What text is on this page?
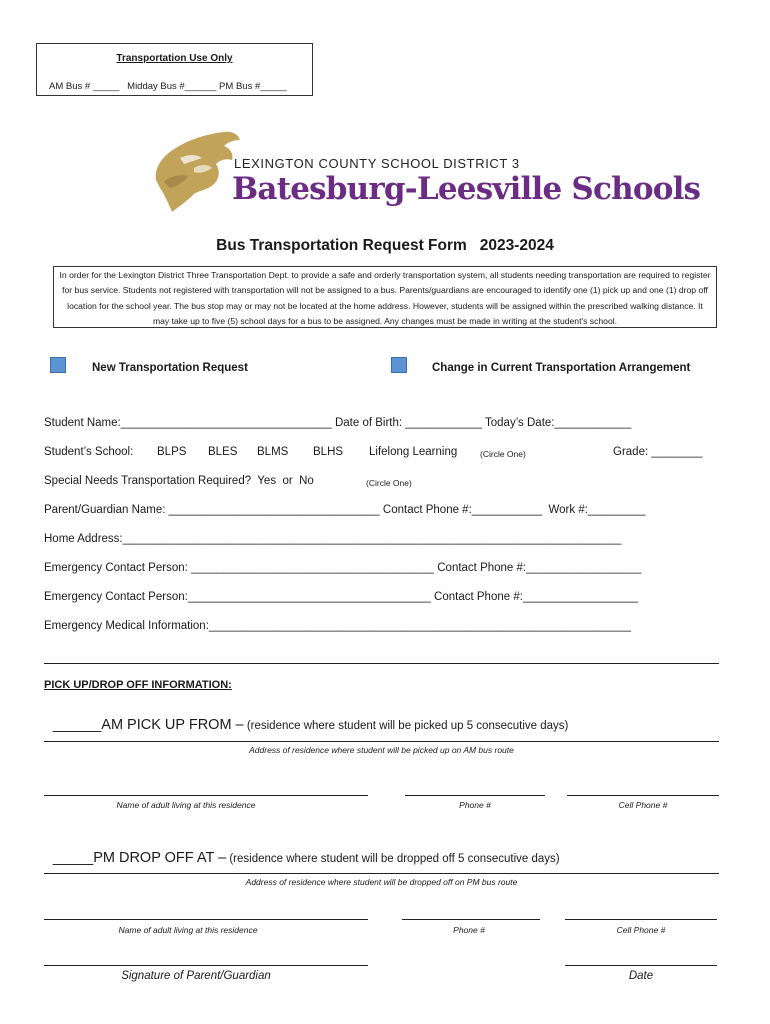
Transportation Use Only
AM Bus # _____   Midday Bus #______ PM Bus #_____
LEXINGTON COUNTY SCHOOL DISTRICT 3
Batesburg-Leesville Schools
Bus Transportation Request Form   2023-2024
In order for the Lexington District Three Transportation Dept. to provide a safe and orderly transportation system, all students needing transportation are required to register for bus service. Students not registered with transportation will not be assigned to a bus. Parents/guardians are encouraged to identify one (1) pick up and one (1) drop off location for the school year. The bus stop may or may not be located at the home address. However, students will be assigned within the prescribed walking distance. It may take up to five (5) school days for a bus to be assigned. Any changes must be made in writing at the student's school.
New Transportation Request	Change in Current Transportation Arrangement
Student Name:_________________________________ Date of Birth: ____________ Today’s Date:____________
Student’s School: BLPS BLES BLMS BLHS Lifelong Learning	(Circle One)	Grade: ________
Special Needs Transportation Required?  Yes  or  No	(Circle One)
Parent/Guardian Name: _________________________________ Contact Phone #:___________  Work #:_________
Home Address:______________________________________________________________________________
Emergency Contact Person: ______________________________________ Contact Phone #:__________________
Emergency Contact Person:______________________________________ Contact Phone #:__________________
Emergency Medical Information:__________________________________________________________________
PICK UP/DROP OFF INFORMATION:

______AM PICK UP FROM – (residence where student will be picked up 5 consecutive days)

Address of residence where student will be picked up on AM bus route
Name of adult living at this residence	Phone #	Cell Phone #

_____PM DROP OFF AT – (residence where student will be dropped off 5 consecutive days)

Address of residence where student will be dropped off on PM bus route
Name of adult living at this residence	Phone #	Cell Phone #
Signature of Parent/Guardian	Date
